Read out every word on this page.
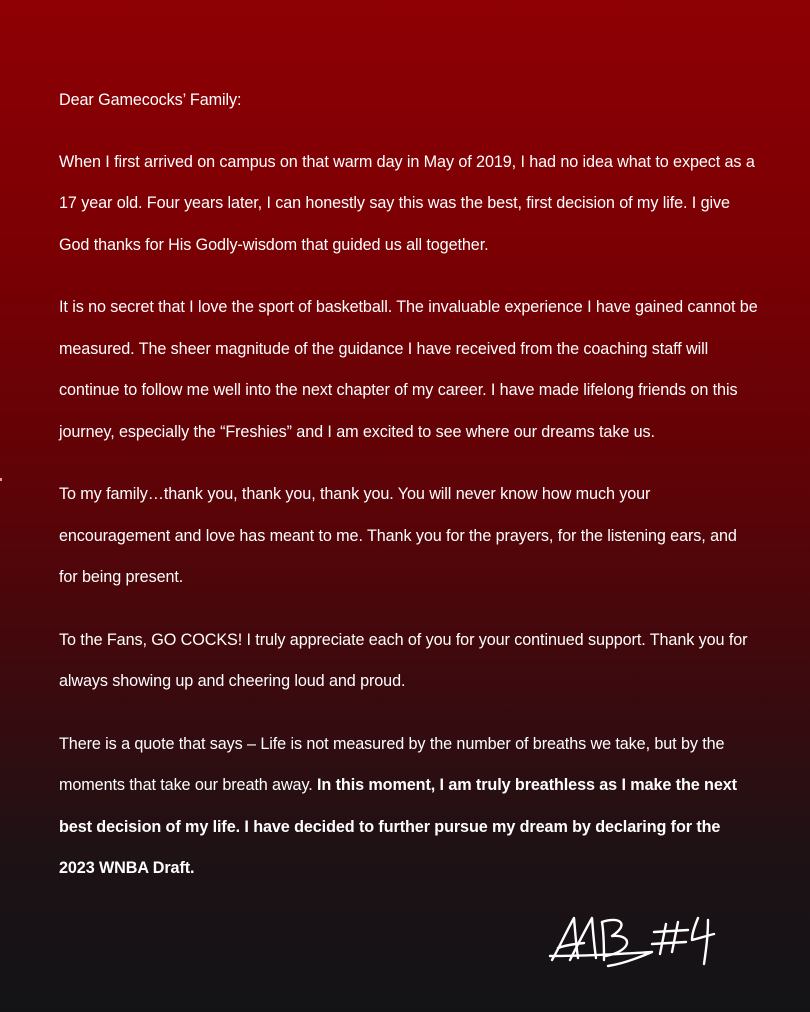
Dear Gamecocks’ Family:

When I first arrived on campus on that warm day in May of 2019, I had no idea what to expect as a 17 year old. Four years later, I can honestly say this was the best, first decision of my life. I give God thanks for His Godly-wisdom that guided us all together.

It is no secret that I love the sport of basketball. The invaluable experience I have gained cannot be measured. The sheer magnitude of the guidance I have received from the coaching staff will continue to follow me well into the next chapter of my career. I have made lifelong friends on this journey, especially the “Freshies” and I am excited to see where our dreams take us.

To my family…thank you, thank you, thank you. You will never know how much your encouragement and love has meant to me. Thank you for the prayers, for the listening ears, and for being present.

To the Fans, GO COCKS! I truly appreciate each of you for your continued support. Thank you for always showing up and cheering loud and proud.

There is a quote that says – Life is not measured by the number of breaths we take, but by the moments that take our breath away. In this moment, I am truly breathless as I make the next best decision of my life. I have decided to further pursue my dream by declaring for the 2023 WNBA Draft.
